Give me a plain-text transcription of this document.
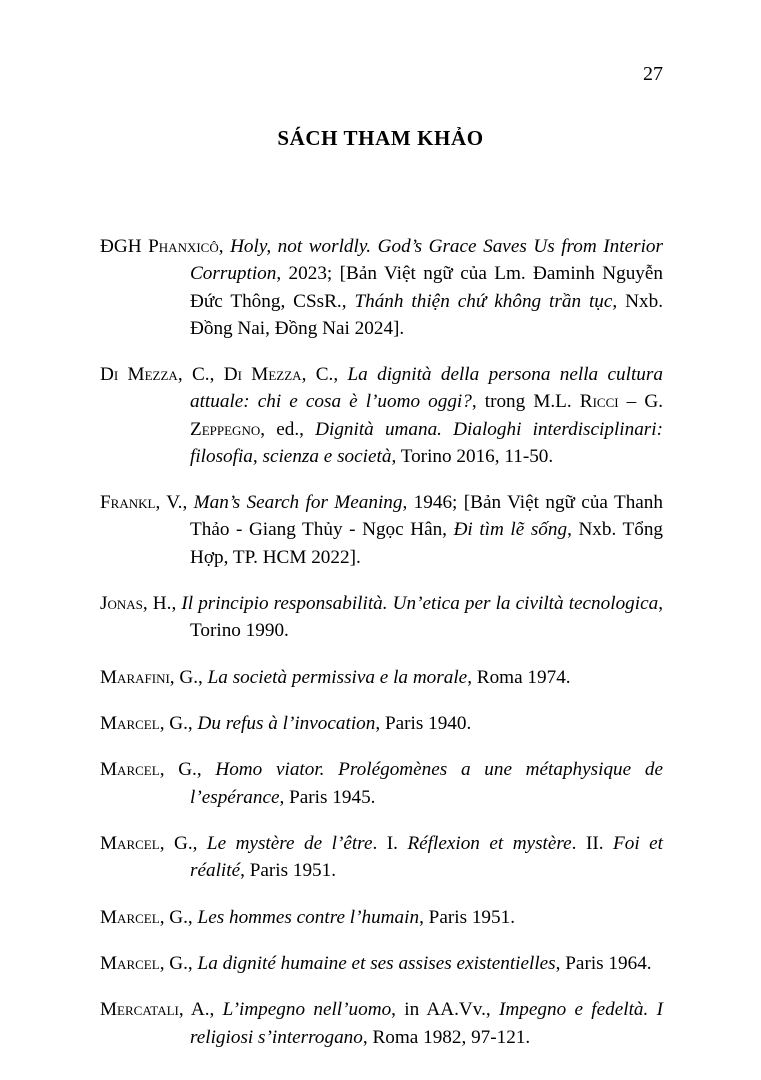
27
SÁCH THAM KHẢO

ĐGH Phanxicô, Holy, not worldly. God’s Grace Saves Us from Interior Corruption, 2023; [Bản Việt ngữ của Lm. Đaminh Nguyễn Đức Thông, CSsR., Thánh thiện chứ không trần tục, Nxb. Đồng Nai, Đồng Nai 2024].

Di Mezza, C., Di Mezza, C., La dignità della persona nella cultura attuale: chi e cosa è l’uomo oggi?, trong M.L. Ricci – G. Zeppegno, ed., Dignità umana. Dialoghi interdisciplinari: filosofia, scienza e società, Torino 2016, 11-50.

Frankl, V., Man’s Search for Meaning, 1946; [Bản Việt ngữ của Thanh Thảo - Giang Thủy - Ngọc Hân, Đi tìm lẽ sống, Nxb. Tổng Hợp, TP. HCM 2022].

Jonas, H., Il principio responsabilità. Un’etica per la civiltà tecnologica, Torino 1990.

Marafini, G., La società permissiva e la morale, Roma 1974.

Marcel, G., Du refus à l’invocation, Paris 1940.

Marcel, G., Homo viator. Prolégomènes a une métaphysique de l’espérance, Paris 1945.

Marcel, G., Le mystère de l’être. I. Réflexion et mystère. II. Foi et réalité, Paris 1951.

Marcel, G., Les hommes contre l’humain, Paris 1951.

Marcel, G., La dignité humaine et ses assises existentielles, Paris 1964.

Mercatali, A., L’impegno nell’uomo, in AA.Vv., Impegno e fedeltà. I religiosi s’interrogano, Roma 1982, 97-121.
